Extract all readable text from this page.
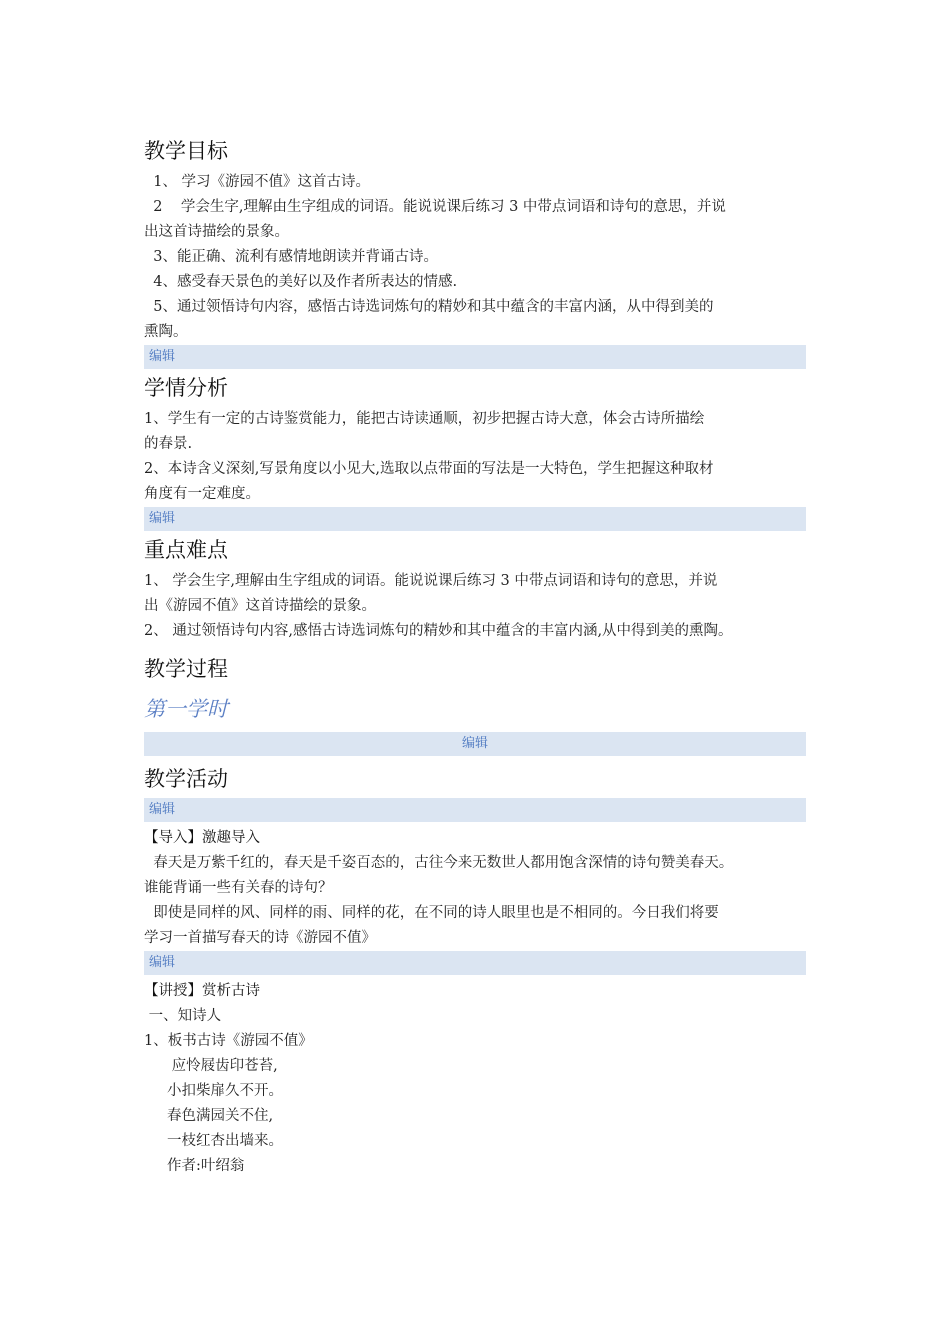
教学目标

1、 学习《游园不值》这首古诗。

2    学会生字,理解由生字组成的词语。能说说课后练习 3 中带点词语和诗句的意思，并说

出这首诗描绘的景象。

3、能正确、流利有感情地朗读并背诵古诗。

4、感受春天景色的美好以及作者所表达的情感.

5、通过领悟诗句内容，感悟古诗选词炼句的精妙和其中蕴含的丰富内涵，从中得到美的

熏陶。

编辑
学情分析

1、学生有一定的古诗鉴赏能力，能把古诗读通顺，初步把握古诗大意，体会古诗所描绘

的春景.

2、本诗含义深刻,写景角度以小见大,选取以点带面的写法是一大特色，学生把握这种取材

角度有一定难度。

编辑
重点难点

1、 学会生字,理解由生字组成的词语。能说说课后练习 3 中带点词语和诗句的意思，并说

出《游园不值》这首诗描绘的景象。

2、 通过领悟诗句内容,感悟古诗选词炼句的精妙和其中蕴含的丰富内涵,从中得到美的熏陶。

教学过程
第一学时
编辑
教学活动
编辑
【导入】激趣导入

春天是万紫千红的，春天是千姿百态的，古往今来无数世人都用饱含深情的诗句赞美春天。

谁能背诵一些有关春的诗句？

即使是同样的风、同样的雨、同样的花，在不同的诗人眼里也是不相同的。今日我们将要

学习一首描写春天的诗《游园不值》

编辑
【讲授】赏析古诗

一、知诗人

1、板书古诗《游园不值》

应怜屐齿印苍苔,

小扣柴扉久不开。

春色满园关不住,

一枝红杏出墙来。

作者:叶绍翁
